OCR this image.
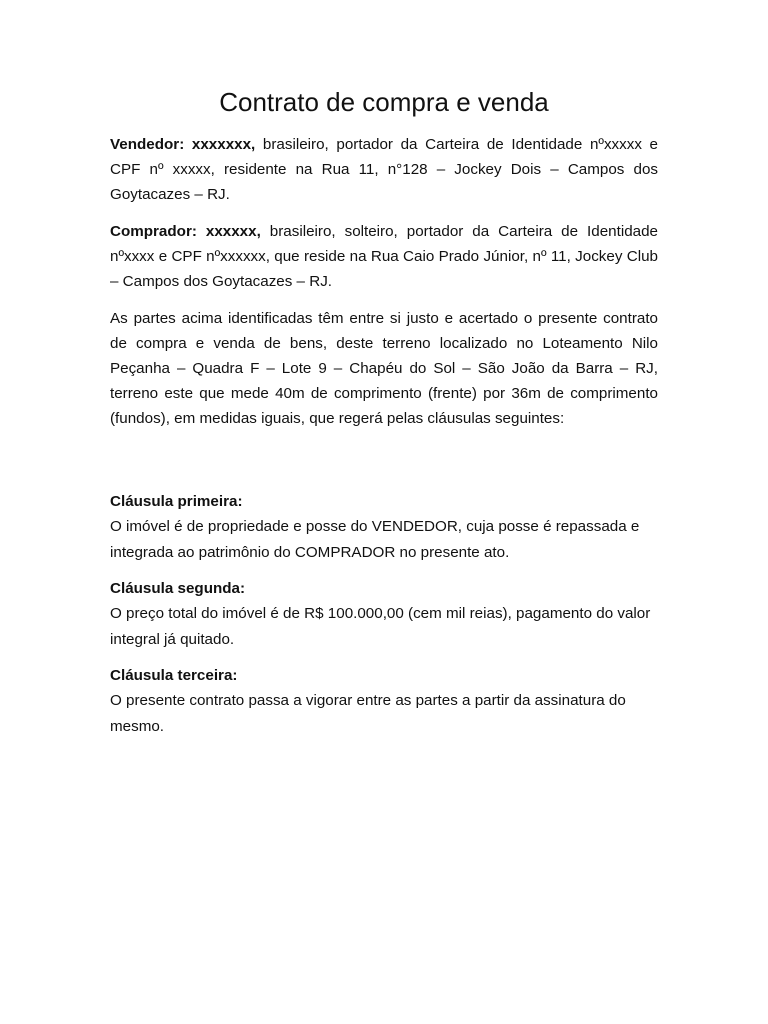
Contrato de compra e venda

Vendedor: xxxxxxx, brasileiro, portador da Carteira de Identidade nºxxxxx e CPF nº xxxxx, residente na Rua 11, n°128 – Jockey Dois – Campos dos Goytacazes – RJ.

Comprador: xxxxxx, brasileiro, solteiro, portador da Carteira de Identidade nºxxxx e CPF nºxxxxxx, que reside na Rua Caio Prado Júnior, nº 11, Jockey Club – Campos dos Goytacazes – RJ.

As partes acima identificadas têm entre si justo e acertado o presente contrato de compra e venda de bens, deste terreno localizado no Loteamento Nilo Peçanha – Quadra F – Lote 9 – Chapéu do Sol – São João da Barra – RJ, terreno este que mede 40m de comprimento (frente) por 36m de comprimento (fundos), em medidas iguais, que regerá pelas cláusulas seguintes:

Cláusula primeira:

O imóvel é de propriedade e posse do VENDEDOR, cuja posse é repassada e integrada ao patrimônio do COMPRADOR no presente ato.

Cláusula segunda:

O preço total do imóvel é de R$ 100.000,00 (cem mil reias), pagamento do valor integral já quitado.

Cláusula terceira:

O presente contrato passa a vigorar entre as partes a partir da assinatura do mesmo.
